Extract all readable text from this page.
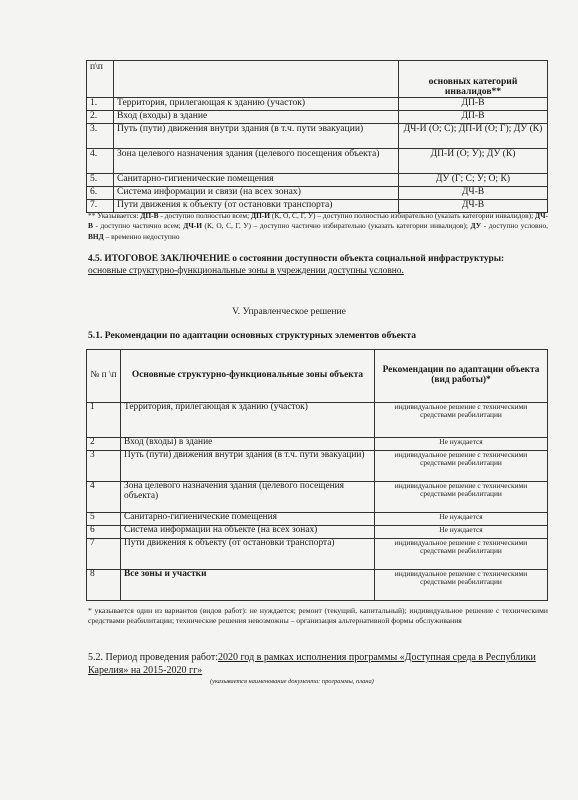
п\п		основных категорий инвалидов**
1.	Территория, прилегающая к зданию (участок)	ДП-В
2.	Вход (входы) в здание	ДП-В
3.	Путь (пути) движения внутри здания (в т.ч. пути эвакуации)	ДЧ-И (О; С); ДП-И (О; Г); ДУ (К)
4.	Зона целевого назначения здания (целевого посещения объекта)	ДП-И (О; У); ДУ (К)
5.	Санитарно-гигиенические помещения	ДУ (Г; С; У; О; К)
6.	Система информации и связи (на всех зонах)	ДЧ-В
7.	Пути движения к объекту (от остановки транспорта)	ДЧ-В
** Указывается: ДП-В - доступно полностью всем; ДП-И (К, О, С, Г, У) – доступно полностью избирательно (указать категории инвалидов); ДЧ-В - доступно частично всем; ДЧ-И (К, О, С, Г, У) – доступно частично избирательно (указать категории инвалидов); ДУ - доступно условно, ВНД – временно недоступно
4.5. ИТОГОВОЕ ЗАКЛЮЧЕНИЕ о состоянии доступности объекта социальной инфраструктуры: основные структурно-функциональные зоны в учреждении доступны условно.
V. Управленческое решение
5.1. Рекомендации по адаптации основных структурных элементов объекта
№ п \п	Основные структурно-функциональные зоны объекта	Рекомендации по адаптации объекта (вид работы)*
1	Территория, прилегающая к зданию (участок)	индивидуальное решение с техническими средствами реабилитации
2	Вход (входы) в здание	Не нуждается
3	Путь (пути) движения внутри здания (в т.ч. пути эвакуации)	индивидуальное решение с техническими средствами реабилитации
4	Зона целевого назначения здания (целевого посещения объекта)	индивидуальное решение с техническими средствами реабилитации
5	Санитарно-гигиенические помещения	Не нуждается
6	Система информации на объекте (на всех зонах)	Не нуждается
7	Пути движения к объекту (от остановки транспорта)	индивидуальное решение с техническими средствами реабилитации
8	Все зоны и участки	индивидуальное решение с техническими средствами реабилитации
* указывается один из вариантов (видов работ): не нуждается; ремонт (текущий, капитальный); индивидуальное решение с техническими средствами реабилитации; технические решения невозможны – организация альтернативной формы обслуживания
5.2. Период проведения работ:2020 год в рамках исполнения программы «Доступная среда в Республики Карелия» на 2015-2020 гг»
(указывается наименование документа: программы, плана)
